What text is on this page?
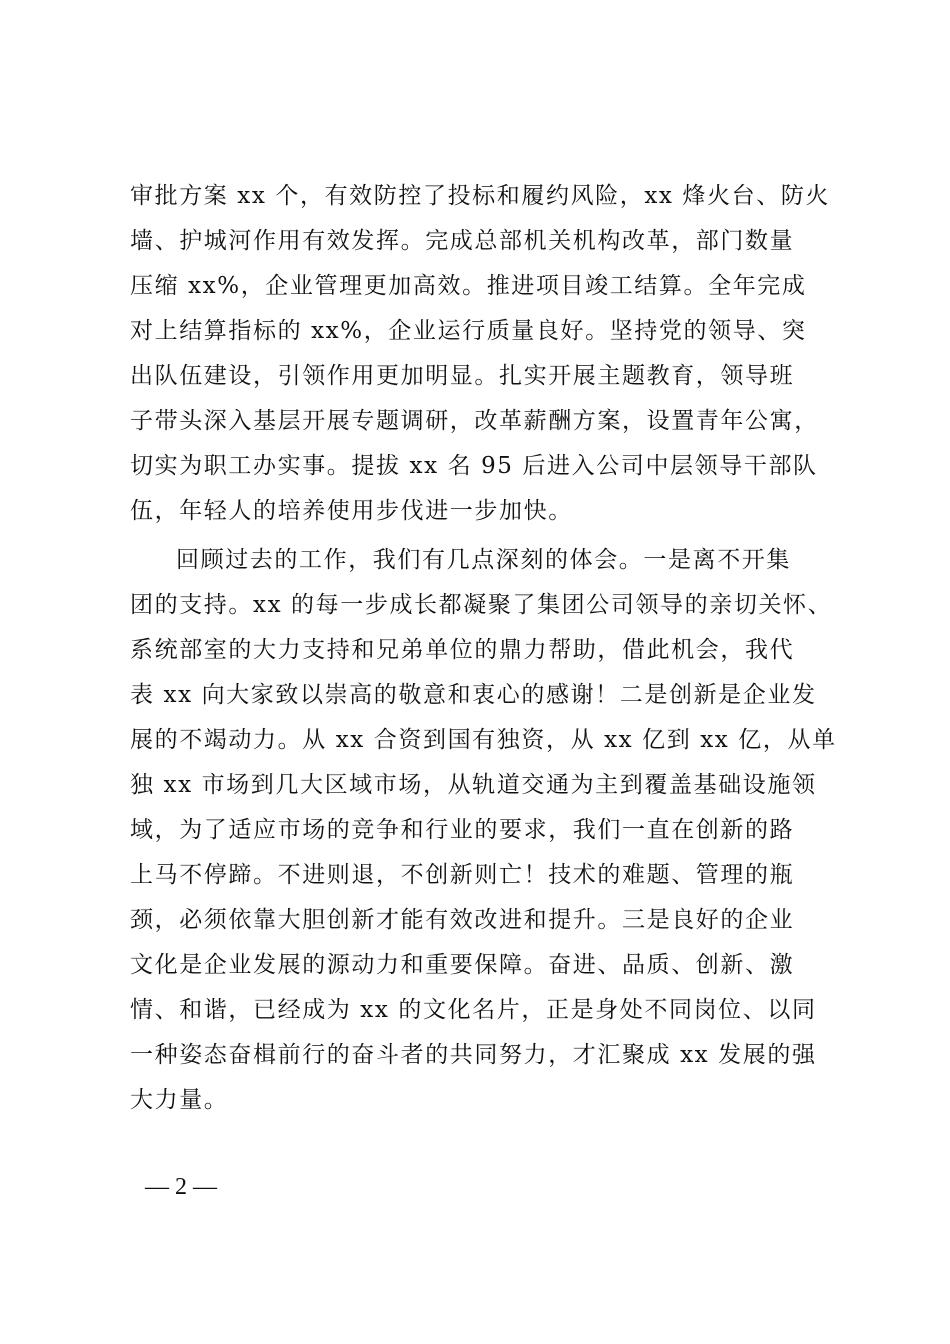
审批方案 xx 个，有效防控了投标和履约风险，xx 烽火台、防火
墙、护城河作用有效发挥。完成总部机关机构改革，部门数量
压缩 xx%，企业管理更加高效。推进项目竣工结算。全年完成
对上结算指标的 xx%，企业运行质量良好。坚持党的领导、突
出队伍建设，引领作用更加明显。扎实开展主题教育，领导班
子带头深入基层开展专题调研，改革薪酬方案，设置青年公寓，
切实为职工办实事。提拔 xx 名 95 后进入公司中层领导干部队
伍，年轻人的培养使用步伐进一步加快。
回顾过去的工作，我们有几点深刻的体会。一是离不开集
团的支持。xx 的每一步成长都凝聚了集团公司领导的亲切关怀、
系统部室的大力支持和兄弟单位的鼎力帮助，借此机会，我代
表 xx 向大家致以崇高的敬意和衷心的感谢！二是创新是企业发
展的不竭动力。从 xx 合资到国有独资，从 xx 亿到 xx 亿，从单
独 xx 市场到几大区域市场，从轨道交通为主到覆盖基础设施领
域，为了适应市场的竞争和行业的要求，我们一直在创新的路
上马不停蹄。不进则退，不创新则亡！技术的难题、管理的瓶
颈，必须依靠大胆创新才能有效改进和提升。三是良好的企业
文化是企业发展的源动力和重要保障。奋进、品质、创新、激
情、和谐，已经成为 xx 的文化名片，正是身处不同岗位、以同
一种姿态奋楫前行的奋斗者的共同努力，才汇聚成 xx 发展的强
大力量。
— 2 —
